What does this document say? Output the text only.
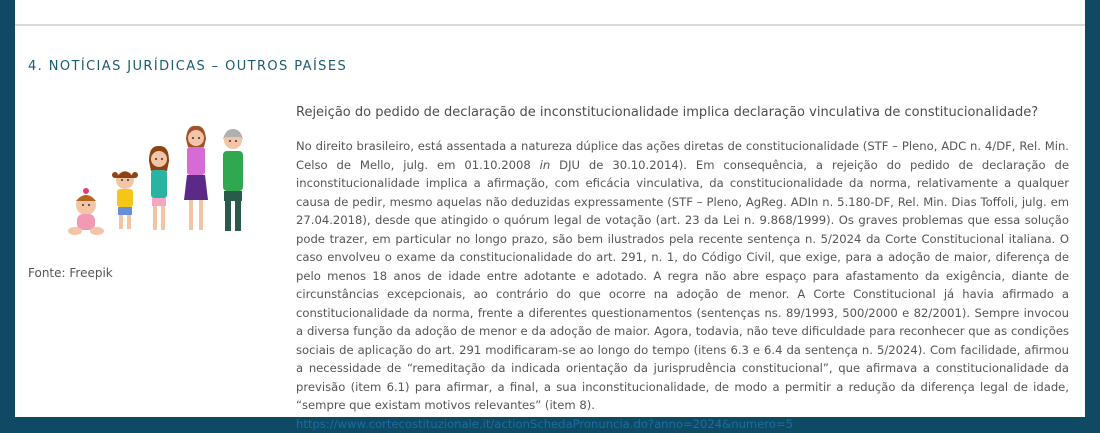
4. NOTÍCIAS JURÍDICAS – OUTROS PAÍSES
Fonte: Freepik

Rejeição do pedido de declaração de inconstitucionalidade implica declaração vinculativa de constitucionalidade?

No direito brasileiro, está assentada a natureza dúplice das ações diretas de constitucionalidade (STF – Pleno, ADC n. 4/DF, Rel. Min. Celso de Mello, julg. em 01.10.2008 in DJU de 30.10.2014). Em consequência, a rejeição do pedido de declaração de inconstitucionalidade implica a afirmação, com eficácia vinculativa, da constitucionalidade da norma, relativamente a qualquer causa de pedir, mesmo aquelas não deduzidas expressamente (STF – Pleno, AgReg. ADIn n. 5.180-DF, Rel. Min. Dias Toffoli, julg. em 27.04.2018), desde que atingido o quórum legal de votação (art. 23 da Lei n. 9.868/1999). Os graves problemas que essa solução pode trazer, em particular no longo prazo, são bem ilustrados pela recente sentença n. 5/2024 da Corte Constitucional italiana. O caso envolveu o exame da constitucionalidade do art. 291, n. 1, do Código Civil, que exige, para a adoção de maior, diferença de pelo menos 18 anos de idade entre adotante e adotado. A regra não abre espaço para afastamento da exigência, diante de circunstâncias excepcionais, ao contrário do que ocorre na adoção de menor. A Corte Constitucional já havia afirmado a constitucionalidade da norma, frente a diferentes questionamentos (sentenças ns. 89/1993, 500/2000 e 82/2001). Sempre invocou a diversa função da adoção de menor e da adoção de maior. Agora, todavia, não teve dificuldade para reconhecer que as condições sociais de aplicação do art. 291 modificaram-se ao longo do tempo (itens 6.3 e 6.4 da sentença n. 5/2024). Com facilidade, afirmou a necessidade de “remeditação da indicada orientação da jurisprudência constitucional”, que afirmava a constitucionalidade da previsão (item 6.1) para afirmar, a final, a sua inconstitucionalidade, de modo a permitir a redução da diferença legal de idade, “sempre que existam motivos relevantes” (item 8).
https://www.cortecostituzionale.it/actionSchedaPronuncia.do?anno=2024&numero=5
